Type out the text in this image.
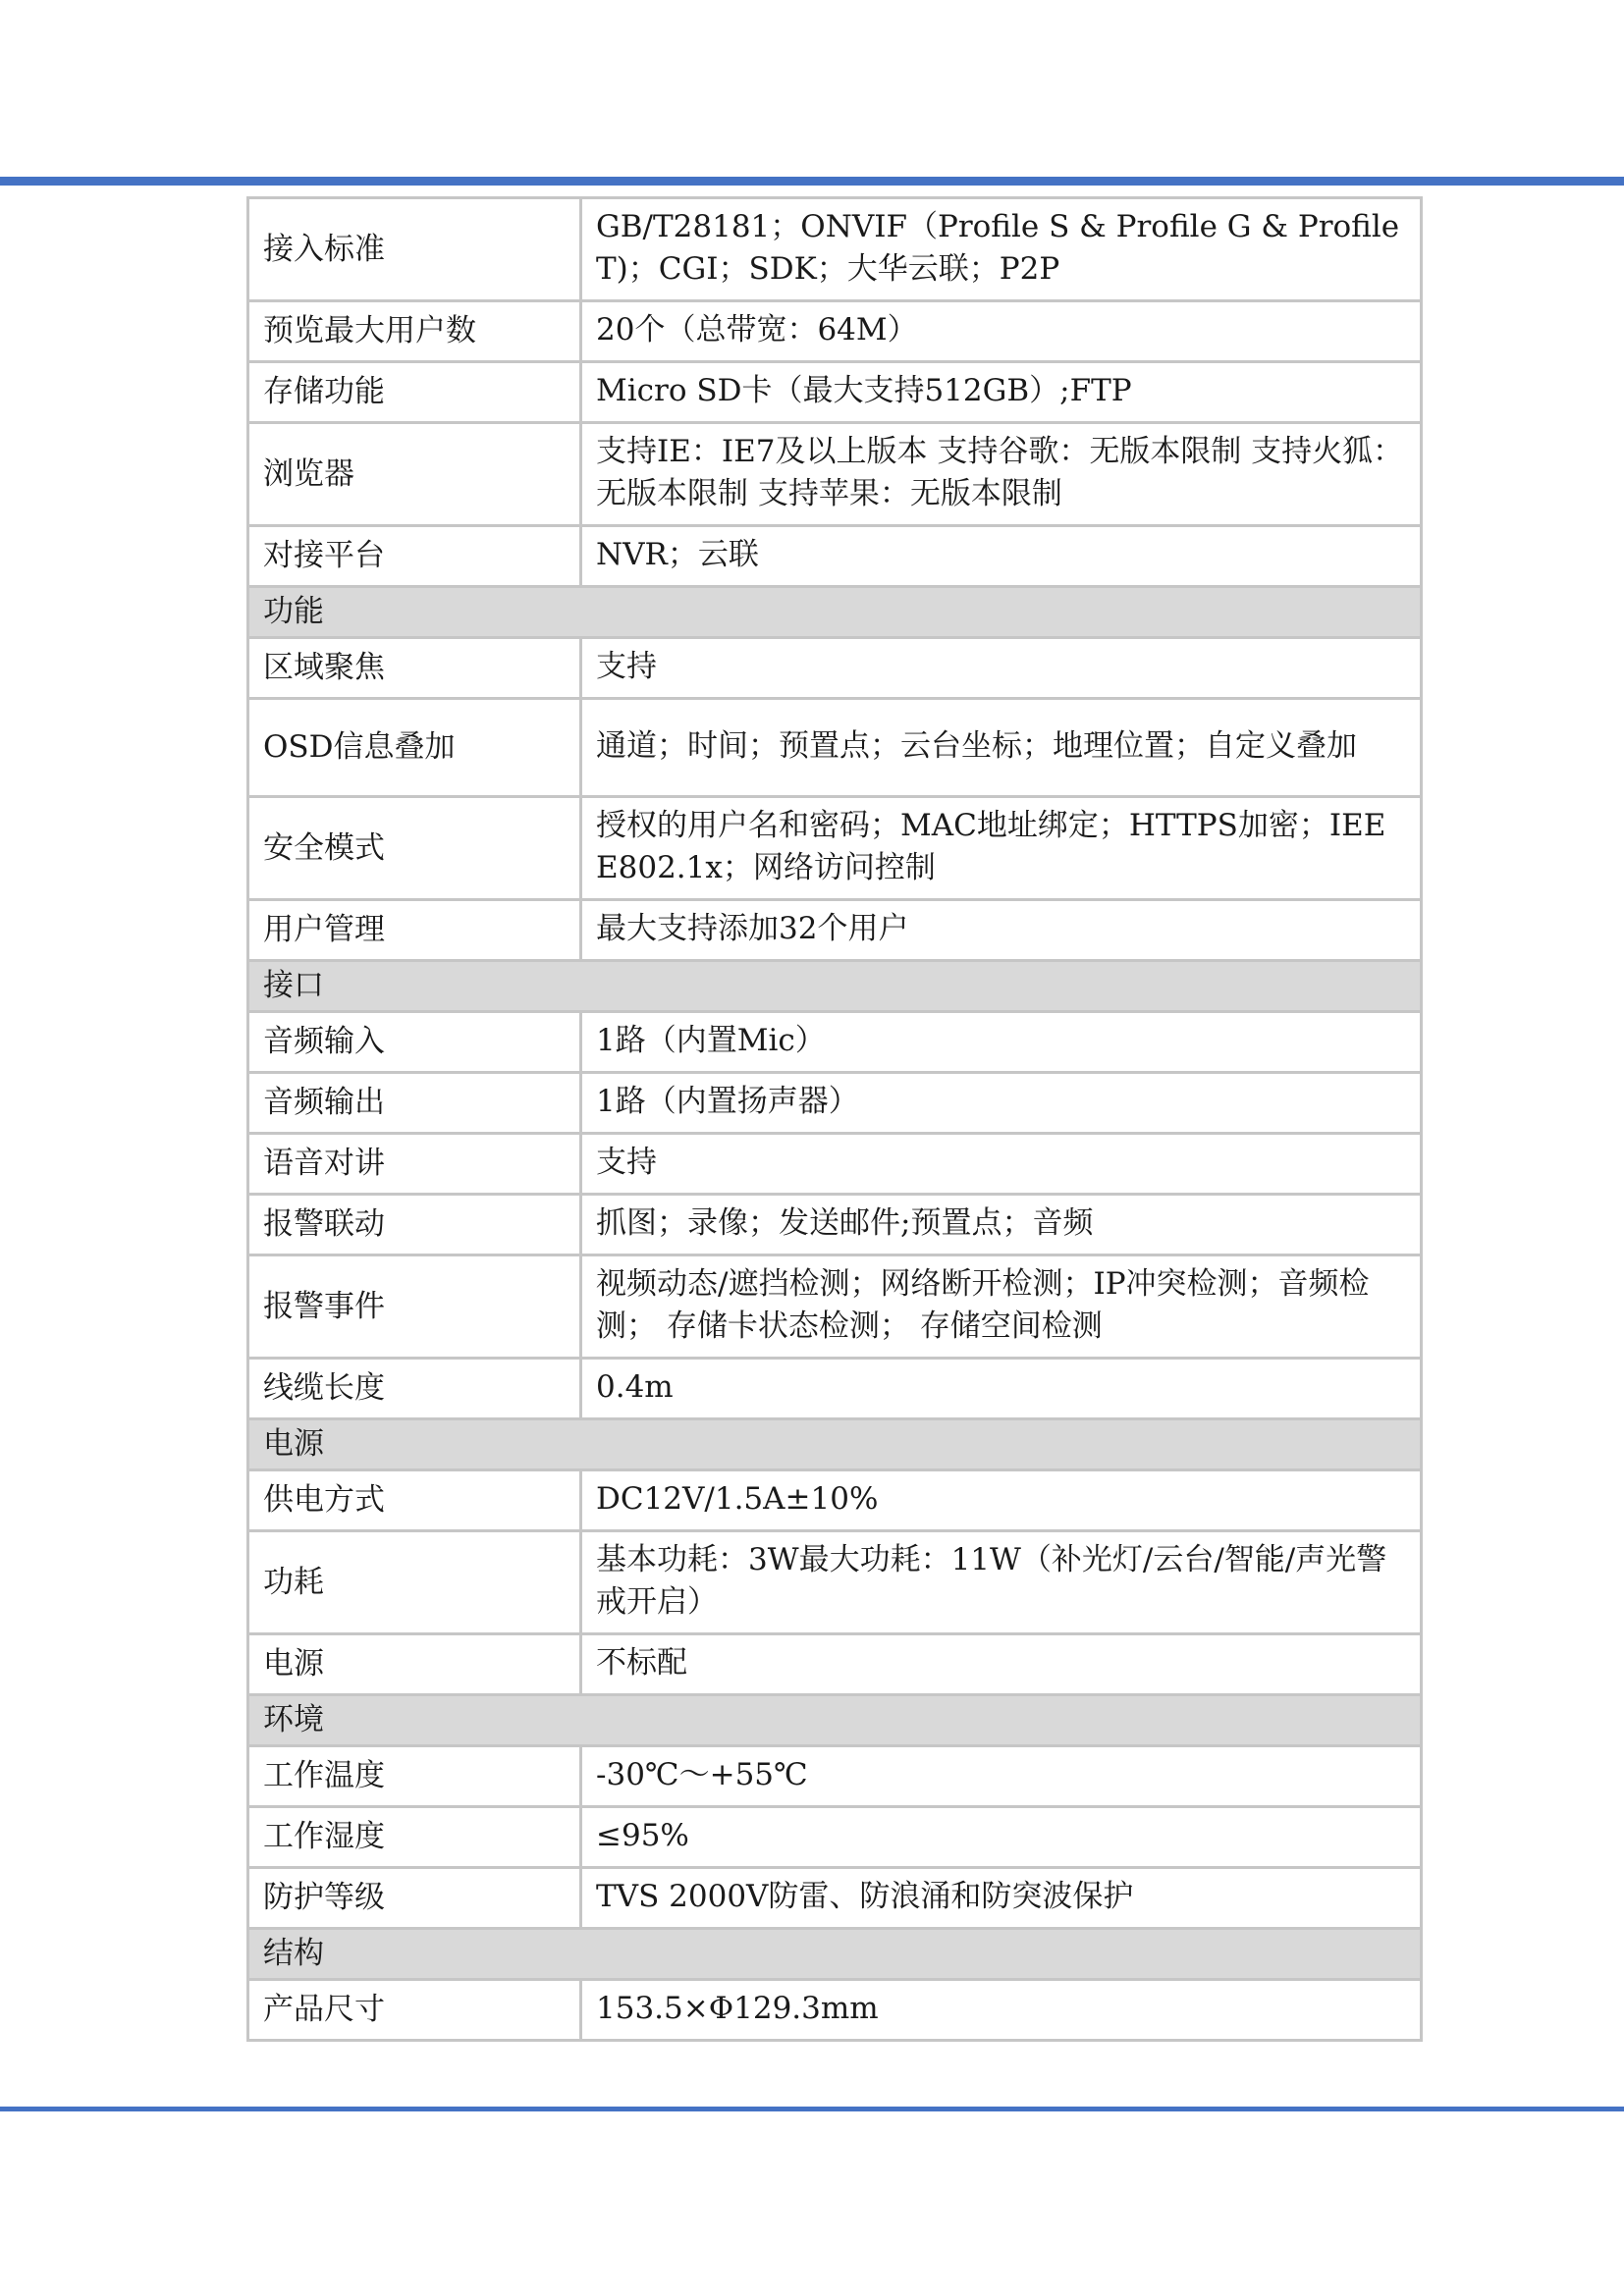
接入标准	GB/T28181；ONVIF（Profile S & Profile G & Profile T)；CGI；SDK；大华云联；P2P
预览最大用户数	20个（总带宽：64M）
存储功能	Micro SD卡（最大支持512GB）;FTP
浏览器	支持IE：IE7及以上版本 支持谷歌：无版本限制 支持火狐：无版本限制 支持苹果：无版本限制
对接平台	NVR；云联
功能	
区域聚焦	支持
OSD信息叠加	通道；时间；预置点；云台坐标；地理位置；自定义叠加
安全模式	授权的用户名和密码；MAC地址绑定；HTTPS加密；IEEE802.1x；网络访问控制
用户管理	最大支持添加32个用户
接口	
音频输入	1路（内置Mic）
音频输出	1路（内置扬声器）
语音对讲	支持
报警联动	抓图；录像；发送邮件;预置点；音频
报警事件	视频动态/遮挡检测；网络断开检测；IP冲突检测；音频检测； 存储卡状态检测； 存储空间检测
线缆长度	0.4m
电源	
供电方式	DC12V/1.5A±10%
功耗	基本功耗：3W最大功耗：11W（补光灯/云台/智能/声光警戒开启）
电源	不标配
环境	
工作温度	-30℃～+55℃
工作湿度	≤95%
防护等级	TVS 2000V防雷、防浪涌和防突波保护
结构	
产品尺寸	153.5×Φ129.3mm
